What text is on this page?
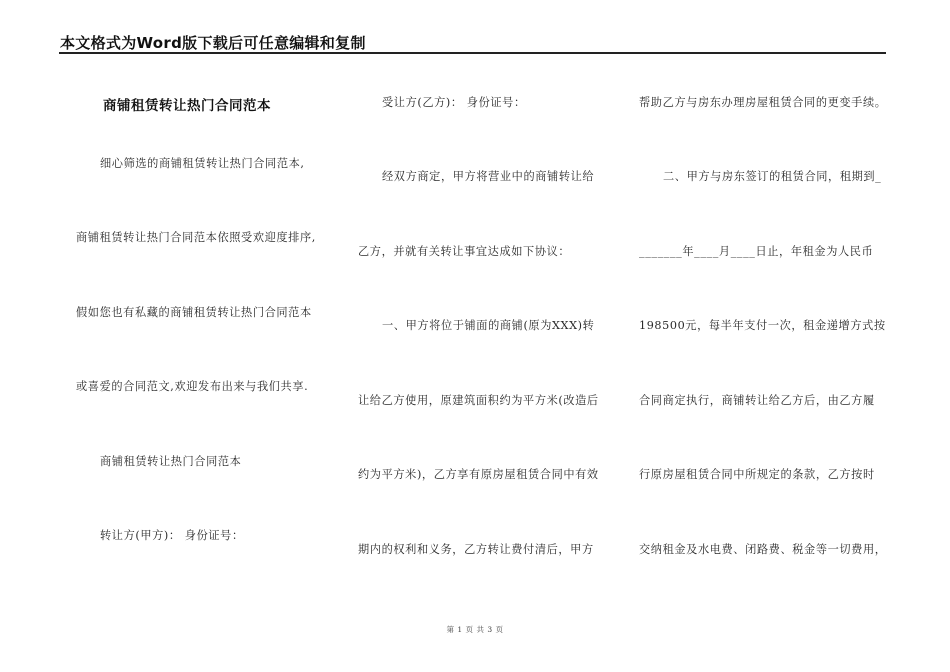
本文格式为Word版下载后可任意编辑和复制
商铺租赁转让热门合同范本
细心筛选的商铺租赁转让热门合同范本,
商铺租赁转让热门合同范本依照受欢迎度排序,
假如您也有私藏的商铺租赁转让热门合同范本
或喜爱的合同范文,欢迎发布出来与我们共享.
商铺租赁转让热门合同范本
转让方(甲方)： 身份证号：
受让方(乙方)： 身份证号：
经双方商定，甲方将营业中的商铺转让给
乙方，并就有关转让事宜达成如下协议：
一、甲方将位于铺面的商铺(原为XXX)转
让给乙方使用，原建筑面积约为平方米(改造后
约为平方米)，乙方享有原房屋租赁合同中有效
期内的权利和义务，乙方转让费付清后，甲方
帮助乙方与房东办理房屋租赁合同的更变手续。
二、甲方与房东签订的租赁合同，租期到_
_______年____月____日止，年租金为人民币
198500元，每半年支付一次，租金递增方式按
合同商定执行，商铺转让给乙方后，由乙方履
行原房屋租赁合同中所规定的条款，乙方按时
交纳租金及水电费、闭路费、税金等一切费用，
第 1 页 共 3 页
